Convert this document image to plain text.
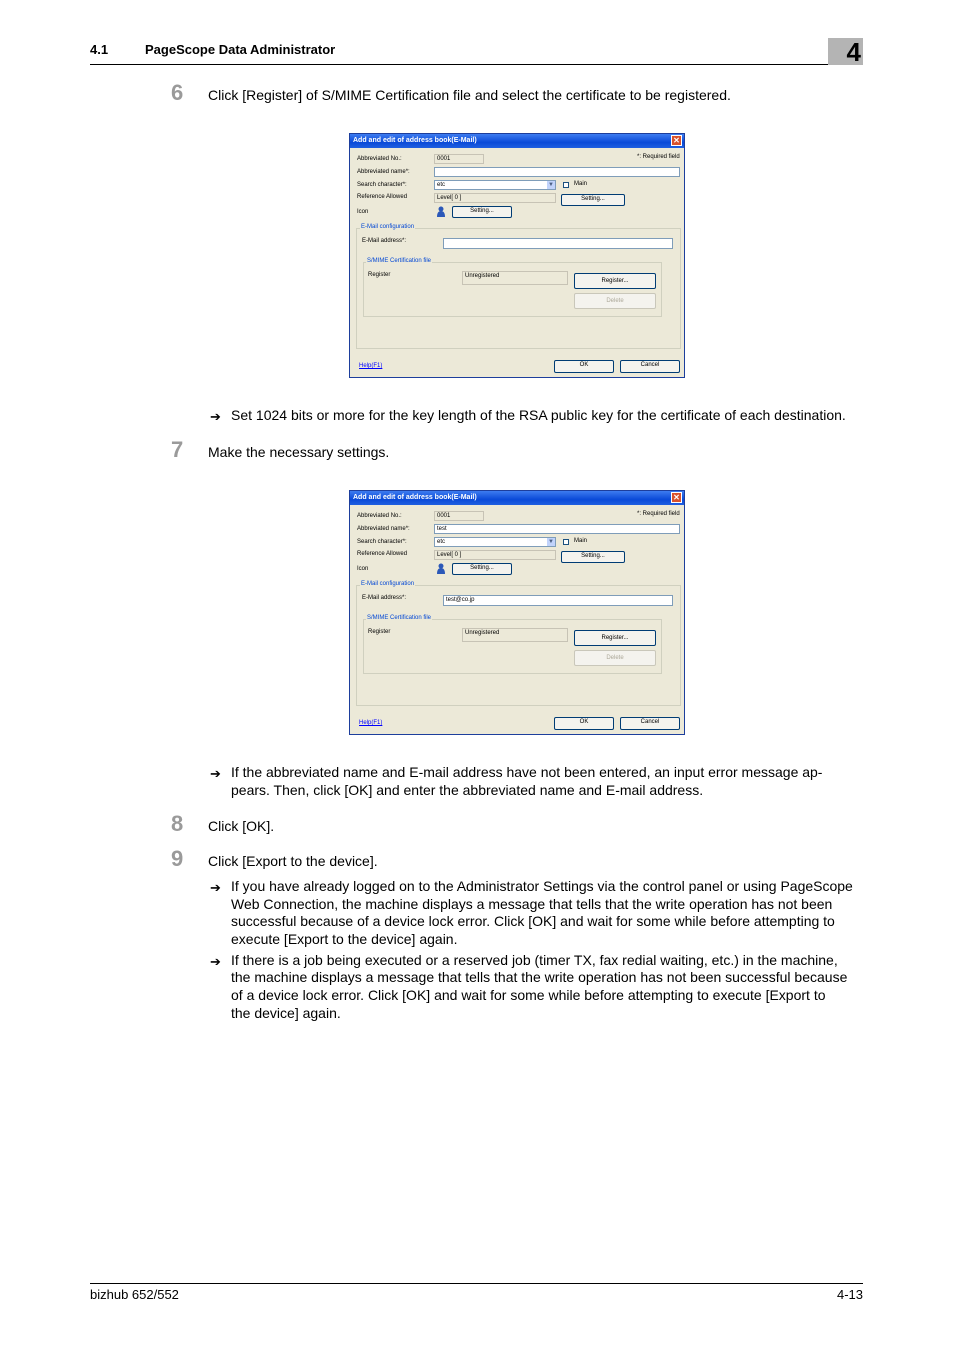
4.1	PageScope Data Administrator	4
6 Click [Register] of S/MIME Certification file and select the certificate to be registered.
Add and edit of address book(E-Mail)	✕
*: Required field
Abbreviated No.:	0001
Abbreviated name*:
Search character*:	etc	▼	Main
Reference Allowed	Level[ 0 ]	Setting...
Icon	Setting...
E-Mail configuration
E-Mail address*:
S/MIME Certification file
Register	Unregistered
Register...
Delete
Help(F1)	OK	Cancel
➔ Set 1024 bits or more for the key length of the RSA public key for the certificate of each destination.
7 Make the necessary settings.
Add and edit of address book(E-Mail)	✕
*: Required field
Abbreviated No.:	0001
Abbreviated name*:	test
Search character*:	etc	▼	Main
Reference Allowed	Level[ 0 ]	Setting...
Icon	Setting...
E-Mail configuration
E-Mail address*:	test@co.jp
S/MIME Certification file
Register	Unregistered
Register...
Delete
Help(F1)	OK	Cancel
➔ If the abbreviated name and E-mail address have not been entered, an input error message ap-
pears. Then, click [OK] and enter the abbreviated name and E-mail address.
8 Click [OK].
9 Click [Export to the device].
➔ If you have already logged on to the Administrator Settings via the control panel or using PageScope
Web Connection, the machine displays a message that tells that the write operation has not been
successful because of a device lock error. Click [OK] and wait for some while before attempting to
execute [Export to the device] again.
➔ If there is a job being executed or a reserved job (timer TX, fax redial waiting, etc.) in the machine,
the machine displays a message that tells that the write operation has not been successful because
of a device lock error. Click [OK] and wait for some while before attempting to execute [Export to
the device] again.
bizhub 652/552	4-13
